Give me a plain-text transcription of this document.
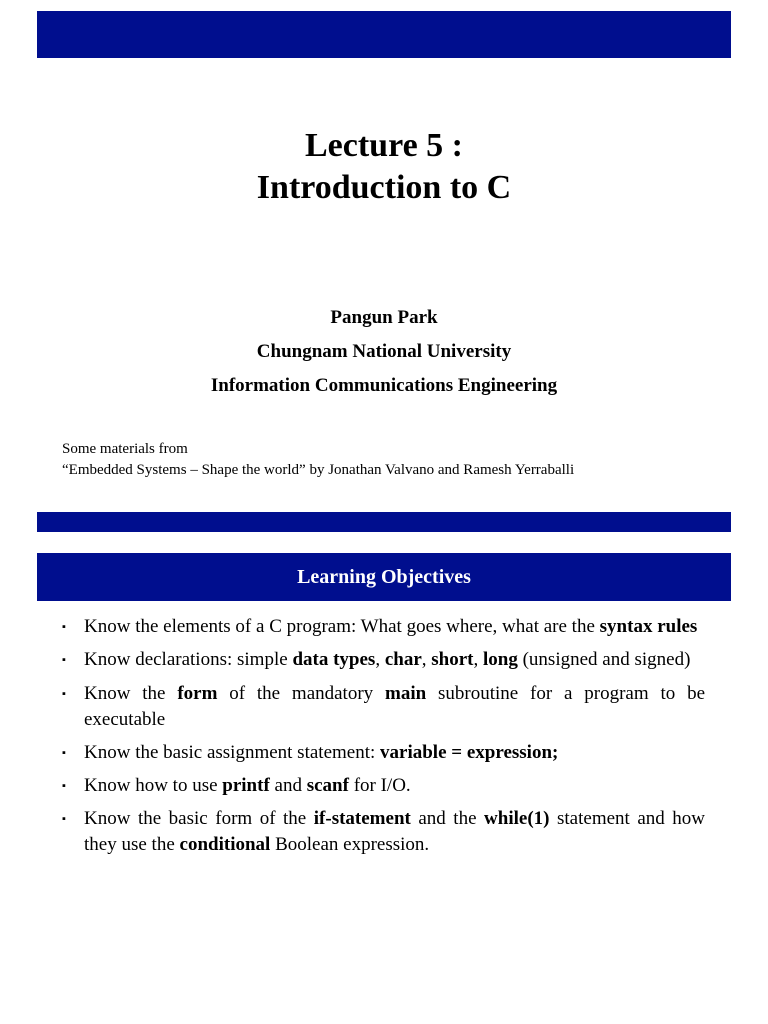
Lecture 5 :
Introduction to C
Pangun Park
Chungnam National University
Information Communications Engineering
Some materials from
“Embedded Systems – Shape the world” by Jonathan Valvano and Ramesh Yerraballi
Learning Objectives
▪ Know the elements of a C program: What goes where, what are the syntax rules
▪ Know declarations: simple data types, char, short, long (unsigned and signed)
▪ Know the form of the mandatory main subroutine for a program to be executable
▪ Know the basic assignment statement: variable = expression;
▪ Know how to use printf and scanf for I/O.
▪ Know the basic form of the if-statement and the while(1) statement and how they use the conditional Boolean expression.
